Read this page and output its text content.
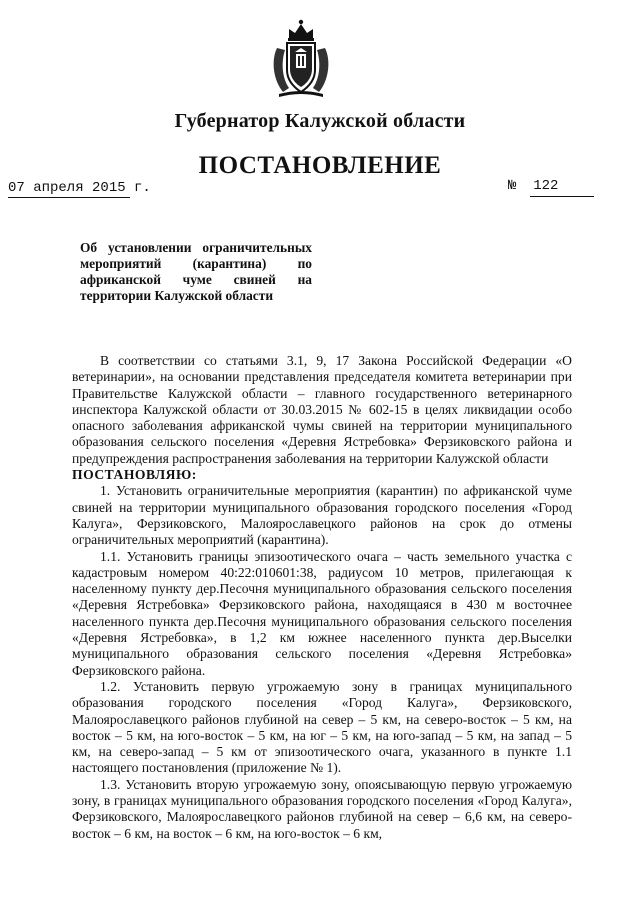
Губернатор Калужской области
ПОСТАНОВЛЕНИЕ
07 апреля 2015 г.	№ 122
Об установлении ограничительных мероприятий (карантина) по африканской чуме свиней на территории Калужской области

В соответствии со статьями 3.1, 9, 17 Закона Российской Федерации «О ветеринарии», на основании представления председателя комитета ветеринарии при Правительстве Калужской области – главного государственного ветеринарного инспектора Калужской области от 30.03.2015 № 602-15 в целях ликвидации особо опасного заболевания африканской чумы свиней на территории муниципального образования сельского поселения «Деревня Ястребовка» Ферзиковского района и предупреждения распространения заболевания на территории Калужской области

ПОСТАНОВЛЯЮ:

1. Установить ограничительные мероприятия (карантин) по африканской чуме свиней на территории муниципального образования городского поселения «Город Калуга», Ферзиковского, Малоярославецкого районов на срок до отмены ограничительных мероприятий (карантина).

1.1. Установить границы эпизоотического очага – часть земельного участка с кадастровым номером 40:22:010601:38, радиусом 10 метров, прилегающая к населенному пункту дер.Песочня муниципального образования сельского поселения «Деревня Ястребовка» Ферзиковского района, находящаяся в 430 м восточнее населенного пункта дер.Песочня муниципального образования сельского поселения «Деревня Ястребовка», в 1,2 км южнее населенного пункта дер.Выселки муниципального образования сельского поселения «Деревня Ястребовка» Ферзиковского района.

1.2. Установить первую угрожаемую зону в границах муниципального образования городского поселения «Город Калуга», Ферзиковского, Малоярославецкого районов глубиной на север – 5 км, на северо-восток – 5 км, на восток – 5 км, на юго-восток – 5 км, на юг – 5 км, на юго-запад – 5 км, на запад – 5 км, на северо-запад – 5 км от эпизоотического очага, указанного в пункте 1.1 настоящего постановления (приложение № 1).

1.3. Установить вторую угрожаемую зону, опоясывающую первую угрожаемую зону, в границах муниципального образования городского поселения «Город Калуга», Ферзиковского, Малоярославецкого районов глубиной на север – 6,6 км, на северо-восток – 6 км, на восток – 6 км, на юго-восток – 6 км,
